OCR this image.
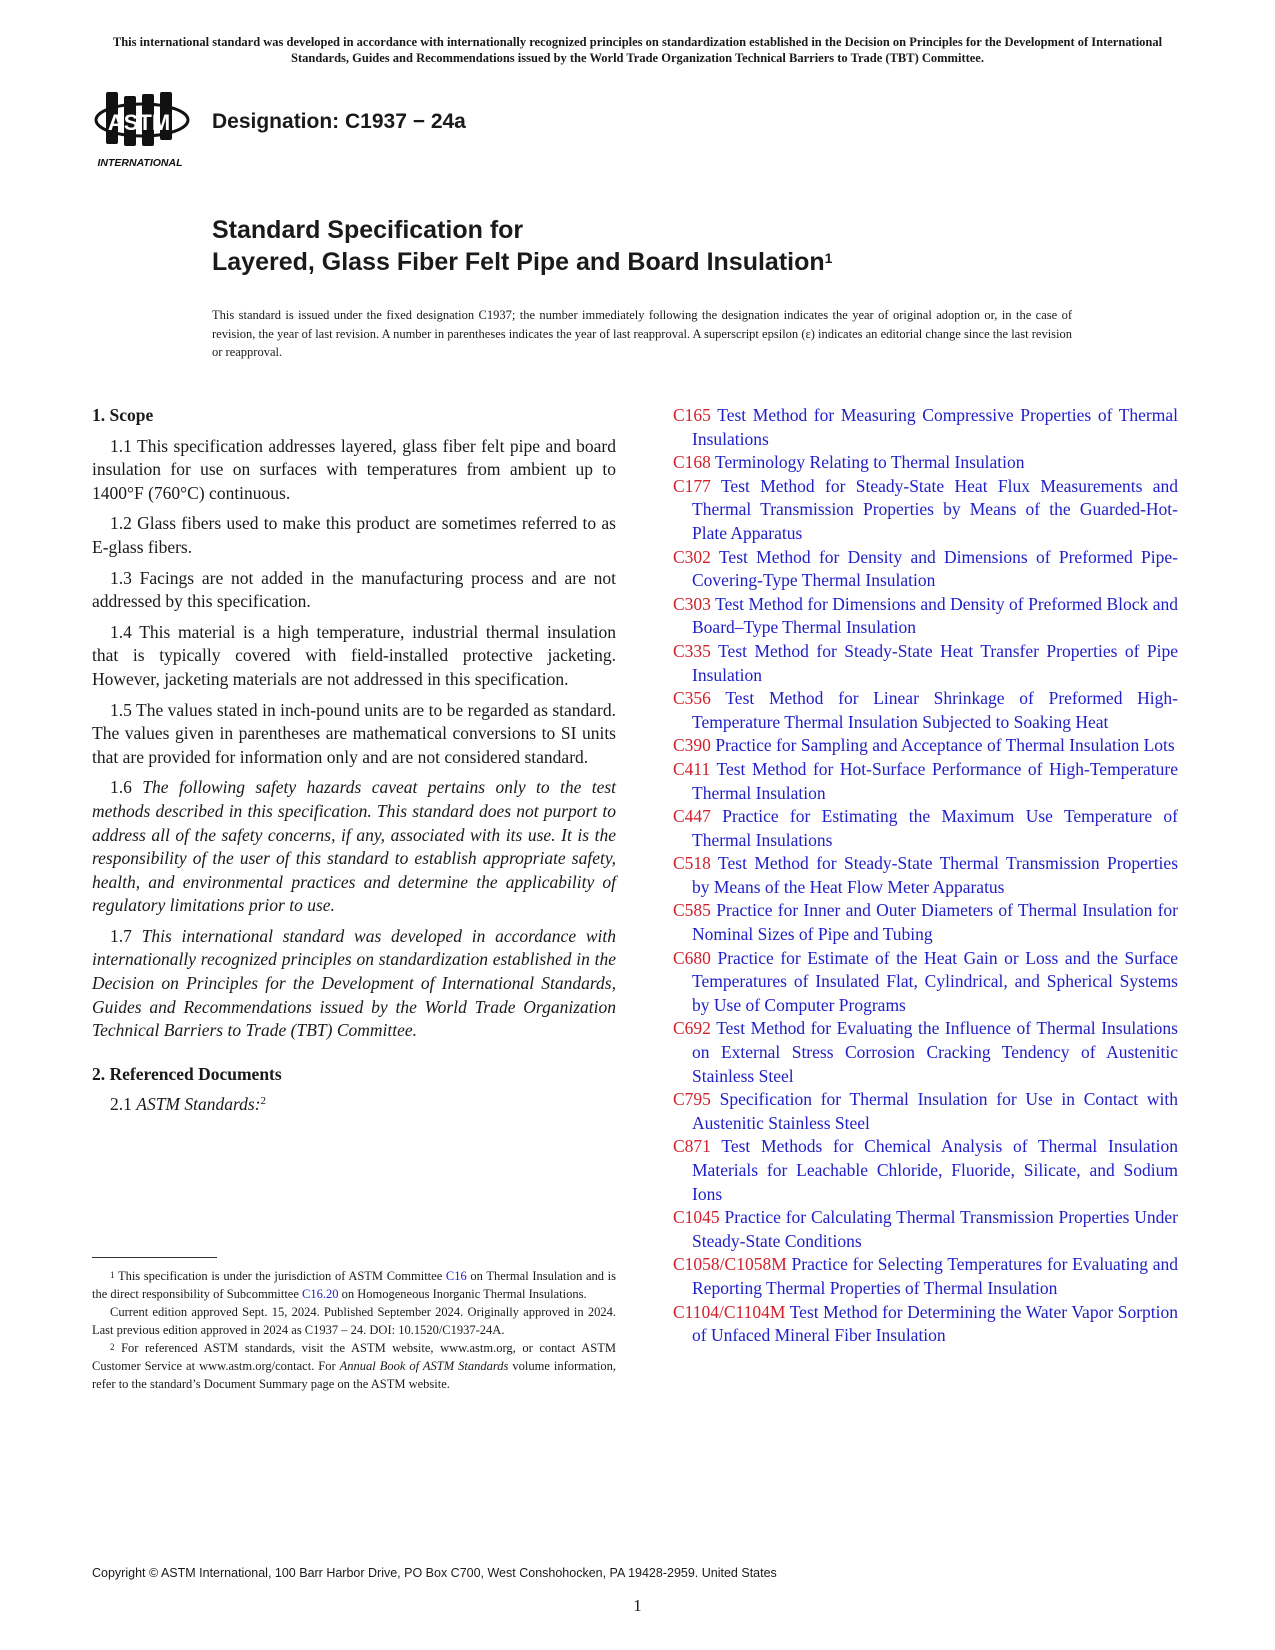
This international standard was developed in accordance with internationally recognized principles on standardization established in the Decision on Principles for the Development of International Standards, Guides and Recommendations issued by the World Trade Organization Technical Barriers to Trade (TBT) Committee.
ASTM
INTERNATIONAL
Designation: C1937 − 24a
Standard Specification for
Layered, Glass Fiber Felt Pipe and Board Insulation$^1$
This standard is issued under the fixed designation C1937; the number immediately following the designation indicates the year of original adoption or, in the case of revision, the year of last revision. A number in parentheses indicates the year of last reapproval. A superscript epsilon (ε) indicates an editorial change since the last revision or reapproval.
1. Scope

1.1 This specification addresses layered, glass fiber felt pipe and board insulation for use on surfaces with temperatures from ambient up to 1400°F (760°C) continuous.

1.2 Glass fibers used to make this product are sometimes referred to as E-glass fibers.

1.3 Facings are not added in the manufacturing process and are not addressed by this specification.

1.4 This material is a high temperature, industrial thermal insulation that is typically covered with field-installed protective jacketing. However, jacketing materials are not addressed in this specification.

1.5 The values stated in inch-pound units are to be regarded as standard. The values given in parentheses are mathematical conversions to SI units that are provided for information only and are not considered standard.

1.6 The following safety hazards caveat pertains only to the test methods described in this specification. This standard does not purport to address all of the safety concerns, if any, associated with its use. It is the responsibility of the user of this standard to establish appropriate safety, health, and environmental practices and determine the applicability of regulatory limitations prior to use.

1.7 This international standard was developed in accordance with internationally recognized principles on standardization established in the Decision on Principles for the Development of International Standards, Guides and Recommendations issued by the World Trade Organization Technical Barriers to Trade (TBT) Committee.

2. Referenced Documents

2.1 ASTM Standards:$^2$

C165 Test Method for Measuring Compressive Properties of Thermal Insulations

C168 Terminology Relating to Thermal Insulation

C177 Test Method for Steady-State Heat Flux Measurements and Thermal Transmission Properties by Means of the Guarded-Hot-Plate Apparatus

C302 Test Method for Density and Dimensions of Preformed Pipe-Covering-Type Thermal Insulation

C303 Test Method for Dimensions and Density of Preformed Block and Board–Type Thermal Insulation

C335 Test Method for Steady-State Heat Transfer Properties of Pipe Insulation

C356 Test Method for Linear Shrinkage of Preformed High-Temperature Thermal Insulation Subjected to Soaking Heat

C390 Practice for Sampling and Acceptance of Thermal Insulation Lots

C411 Test Method for Hot-Surface Performance of High-Temperature Thermal Insulation

C447 Practice for Estimating the Maximum Use Temperature of Thermal Insulations

C518 Test Method for Steady-State Thermal Transmission Properties by Means of the Heat Flow Meter Apparatus

C585 Practice for Inner and Outer Diameters of Thermal Insulation for Nominal Sizes of Pipe and Tubing

C680 Practice for Estimate of the Heat Gain or Loss and the Surface Temperatures of Insulated Flat, Cylindrical, and Spherical Systems by Use of Computer Programs

C692 Test Method for Evaluating the Influence of Thermal Insulations on External Stress Corrosion Cracking Tendency of Austenitic Stainless Steel

C795 Specification for Thermal Insulation for Use in Contact with Austenitic Stainless Steel

C871 Test Methods for Chemical Analysis of Thermal Insulation Materials for Leachable Chloride, Fluoride, Silicate, and Sodium Ions

C1045 Practice for Calculating Thermal Transmission Properties Under Steady-State Conditions

C1058/C1058M Practice for Selecting Temperatures for Evaluating and Reporting Thermal Properties of Thermal Insulation

C1104/C1104M Test Method for Determining the Water Vapor Sorption of Unfaced Mineral Fiber Insulation

$^1$ This specification is under the jurisdiction of ASTM Committee C16 on Thermal Insulation and is the direct responsibility of Subcommittee C16.20 on Homogeneous Inorganic Thermal Insulations.

Current edition approved Sept. 15, 2024. Published September 2024. Originally approved in 2024. Last previous edition approved in 2024 as C1937 – 24. DOI: 10.1520/C1937-24A.

$^2$ For referenced ASTM standards, visit the ASTM website, www.astm.org, or contact ASTM Customer Service at www.astm.org/contact. For Annual Book of ASTM Standards volume information, refer to the standard’s Document Summary page on the ASTM website.

Copyright © ASTM International, 100 Barr Harbor Drive, PO Box C700, West Conshohocken, PA 19428-2959. United States
1
